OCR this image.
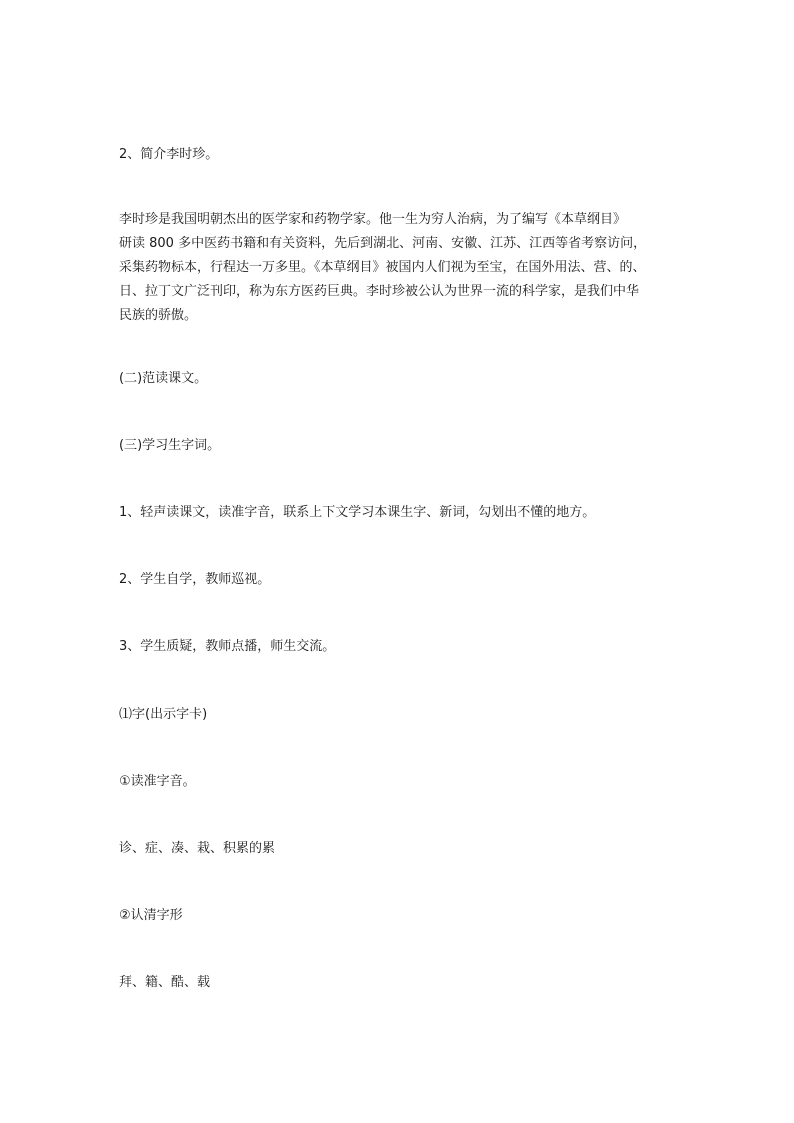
2、简介李时珍。
李时珍是我国明朝杰出的医学家和药物学家。他一生为穷人治病，为了编写《本草纲目》
研读 800 多中医药书籍和有关资料，先后到湖北、河南、安徽、江苏、江西等省考察访问，
采集药物标本，行程达一万多里。《本草纲目》被国内人们视为至宝，在国外用法、营、的、
日、拉丁文广泛刊印，称为东方医药巨典。李时珍被公认为世界一流的科学家，是我们中华
民族的骄傲。
(二)范读课文。
(三)学习生字词。
1、轻声读课文，读准字音，联系上下文学习本课生字、新词，勾划出不懂的地方。
2、学生自学，教师巡视。
3、学生质疑，教师点播，师生交流。
⑴字(出示字卡)
①读准字音。
诊、症、凑、栽、积累的累
②认清字形
拜、籍、酷、载
